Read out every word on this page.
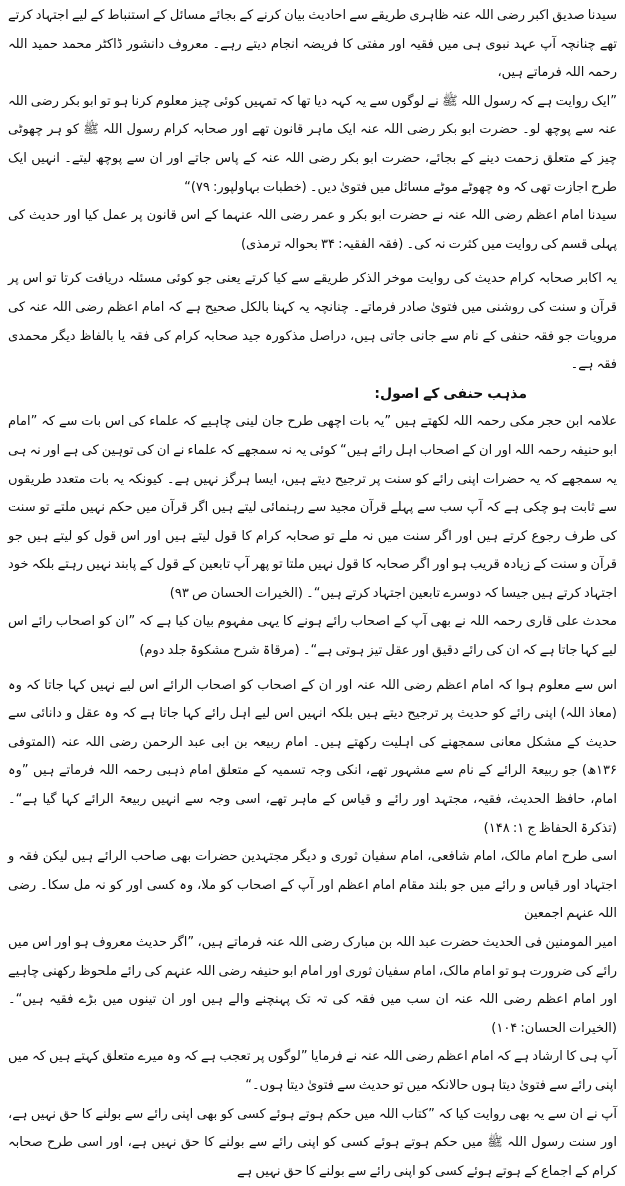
سیدنا صدیق اکبر رضی اللہ عنہ ظاہری طریقے سے احادیث بیان کرنے کے بجائے مسائل کے استنباط کے لیے اجتہاد کرتے تھے چنانچہ آپ عہد نبوی ہی میں فقیہ اور مفتی کا فریضہ انجام دیتے رہے۔ معروف دانشور ڈاکٹر محمد حمید اللہ رحمہ اللہ فرماتے ہیں،

”ایک روایت ہے کہ رسول اللہ ﷺ نے لوگوں سے یہ کہہ دیا تھا کہ تمہیں کوئی چیز معلوم کرنا ہو تو ابو بکر رضی اللہ عنہ سے پوچھ لو۔ حضرت ابو بکر رضی اللہ عنہ ایک ماہر قانون تھے اور صحابہ کرام رسول اللہ ﷺ کو ہر چھوٹی چیز کے متعلق زحمت دینے کے بجائے، حضرت ابو بکر رضی اللہ عنہ کے پاس جاتے اور ان سے پوچھ لیتے۔ انہیں ایک طرح اجازت تھی کہ وہ چھوٹے موٹے مسائل میں فتویٰ دیں۔ (خطبات بہاولپور: ۷۹)“

سیدنا امام اعظم رضی اللہ عنہ نے حضرت ابو بکر و عمر رضی اللہ عنہما کے اس قانون پر عمل کیا اور حدیث کی پہلی قسم کی روایت میں کثرت نہ کی۔ (فقہ الفقیہ: ۳۴ بحوالہ ترمذی)

یہ اکابر صحابہ کرام حدیث کی روایت موخر الذکر طریقے سے کیا کرتے یعنی جو کوئی مسئلہ دریافت کرتا تو اس پر قرآن و سنت کی روشنی میں فتویٰ صادر فرماتے۔ چنانچہ یہ کہنا بالکل صحیح ہے کہ امام اعظم رضی اللہ عنہ کی مرویات جو فقہ حنفی کے نام سے جانی جاتی ہیں، دراصل مذکورہ جید صحابہ کرام کی فقہ یا بالفاظ دیگر محمدی فقہ ہے۔

مذہب حنفی کے اصول:

علامہ ابن حجر مکی رحمہ اللہ لکھتے ہیں ”یہ بات اچھی طرح جان لینی چاہیے کہ علماء کی اس بات سے کہ ”امام ابو حنیفہ رحمہ اللہ اور ان کے اصحاب اہل رائے ہیں“ کوئی یہ نہ سمجھے کہ علماء نے ان کی توہین کی ہے اور نہ ہی یہ سمجھے کہ یہ حضرات اپنی رائے کو سنت پر ترجیح دیتے ہیں، ایسا ہرگز نہیں ہے۔ کیونکہ یہ بات متعدد طریقوں سے ثابت ہو چکی ہے کہ آپ سب سے پہلے قرآن مجید سے رہنمائی لیتے ہیں اگر قرآن میں حکم نہیں ملتے تو سنت کی طرف رجوع کرتے ہیں اور اگر سنت میں نہ ملے تو صحابہ کرام کا قول لیتے ہیں اور اس قول کو لیتے ہیں جو قرآن و سنت کے زیادہ قریب ہو اور اگر صحابہ کا قول نہیں ملتا تو پھر آپ تابعین کے قول کے پابند نہیں رہتے بلکہ خود اجتہاد کرتے ہیں جیسا کہ دوسرے تابعین اجتہاد کرتے ہیں“۔ (الخیرات الحسان ص ۹۳)

محدث علی قاری رحمہ اللہ نے بھی آپ کے اصحاب رائے ہونے کا یہی مفہوم بیان کیا ہے کہ ”ان کو اصحاب رائے اس لیے کہا جاتا ہے کہ ان کی رائے دقیق اور عقل تیز ہوتی ہے“۔ (مرقاۃ شرح مشکوۃ جلد دوم)

اس سے معلوم ہوا کہ امام اعظم رضی اللہ عنہ اور ان کے اصحاب کو اصحاب الرائے اس لیے نہیں کہا جاتا کہ وہ (معاذ اللہ) اپنی رائے کو حدیث پر ترجیح دیتے ہیں بلکہ انہیں اس لیے اہل رائے کہا جاتا ہے کہ وہ عقل و دانائی سے حدیث کے مشکل معانی سمجھنے کی اہلیت رکھتے ہیں۔ امام ربیعہ بن ابی عبد الرحمن رضی اللہ عنہ (المتوفی ۱۳۶ھ) جو ربیعۃ الرائے کے نام سے مشہور تھے، انکی وجہ تسمیہ کے متعلق امام ذہبی رحمہ اللہ فرماتے ہیں ”وہ امام، حافظ الحدیث، فقیہ، مجتہد اور رائے و قیاس کے ماہر تھے، اسی وجہ سے انہیں ربیعۃ الرائے کہا گیا ہے“۔ (تذکرۃ الحفاظ ج ۱: ۱۴۸)

اسی طرح امام مالک، امام شافعی، امام سفیان ثوری و دیگر مجتہدین حضرات بھی صاحب الرائے ہیں لیکن فقہ و اجتہاد اور قیاس و رائے میں جو بلند مقام امام اعظم اور آپ کے اصحاب کو ملا، وہ کسی اور کو نہ مل سکا۔ رضی اللہ عنہم اجمعین

امیر المومنین فی الحدیث حضرت عبد اللہ بن مبارک رضی اللہ عنہ فرماتے ہیں، ”اگر حدیث معروف ہو اور اس میں رائے کی ضرورت ہو تو امام مالک، امام سفیان ثوری اور امام ابو حنیفہ رضی اللہ عنہم کی رائے ملحوظ رکھنی چاہیے اور امام اعظم رضی اللہ عنہ ان سب میں فقہ کی تہ تک پہنچنے والے ہیں اور ان تینوں میں بڑے فقیہ ہیں“۔ (الخیرات الحسان: ۱۰۴)

آپ ہی کا ارشاد ہے کہ امام اعظم رضی اللہ عنہ نے فرمایا ”لوگوں پر تعجب ہے کہ وہ میرے متعلق کہتے ہیں کہ میں اپنی رائے سے فتویٰ دیتا ہوں حالانکہ میں تو حدیث سے فتویٰ دیتا ہوں۔“

آپ نے ان سے یہ بھی روایت کیا کہ ”کتاب اللہ میں حکم ہوتے ہوئے کسی کو بھی اپنی رائے سے بولنے کا حق نہیں ہے، اور سنت رسول اللہ ﷺ میں حکم ہوتے ہوئے کسی کو اپنی رائے سے بولنے کا حق نہیں ہے، اور اسی طرح صحابہ کرام کے اجماع کے ہوتے ہوئے کسی کو اپنی رائے سے بولنے کا حق نہیں ہے
